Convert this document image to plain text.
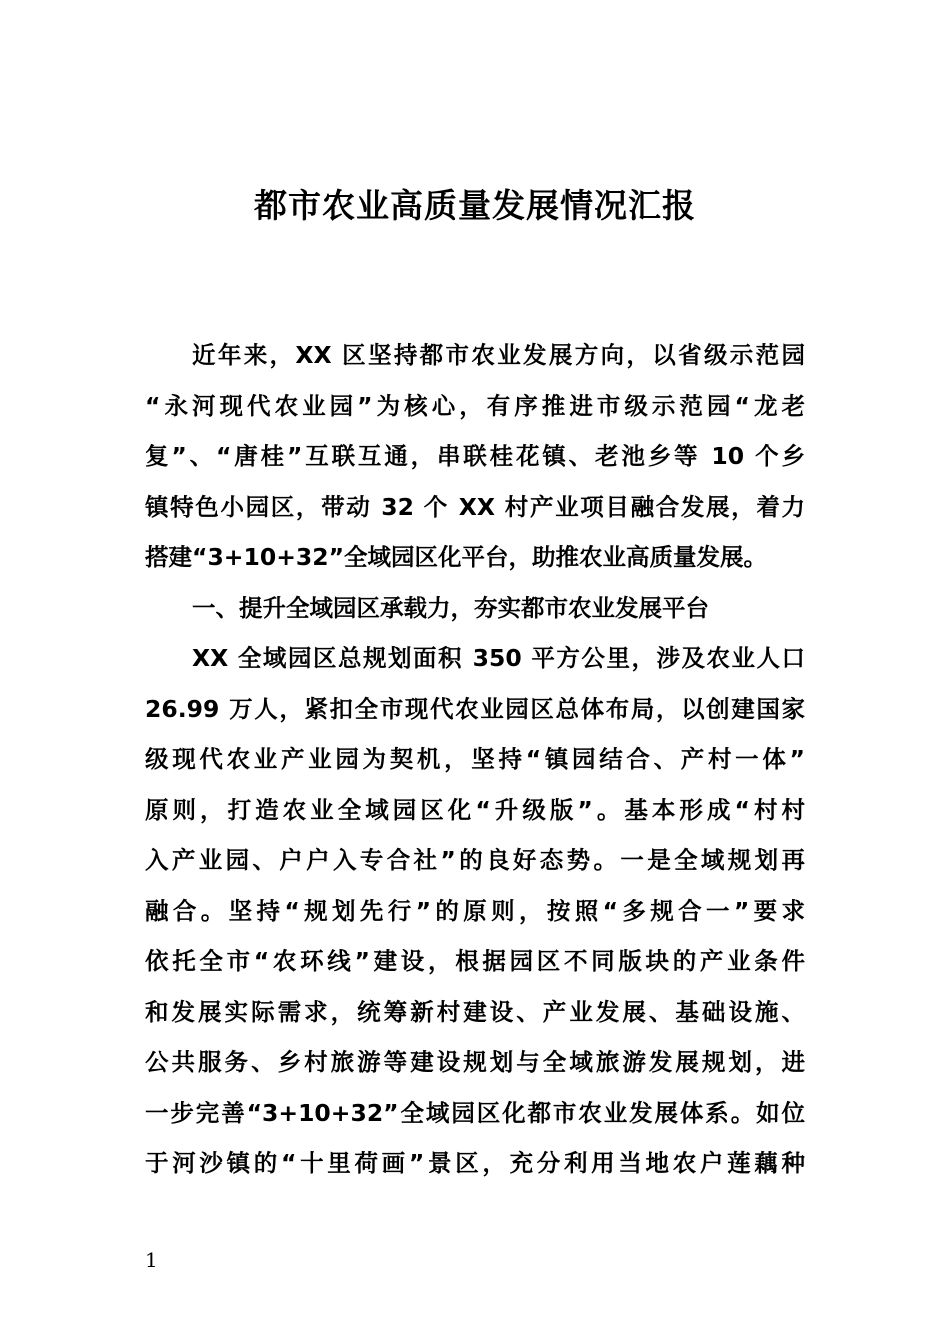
都市农业高质量发展情况汇报
近年来，XX 区坚持都市农业发展方向，以省级示范园
“永河现代农业园”为核心，有序推进市级示范园“龙老
复”、“唐桂”互联互通，串联桂花镇、老池乡等 10 个乡
镇特色小园区，带动 32 个 XX 村产业项目融合发展，着力
搭建“3+10+32”全域园区化平台，助推农业高质量发展。
一、提升全域园区承载力，夯实都市农业发展平台
XX 全域园区总规划面积 350 平方公里，涉及农业人口
26.99 万人，紧扣全市现代农业园区总体布局，以创建国家
级现代农业产业园为契机，坚持“镇园结合、产村一体”
原则，打造农业全域园区化“升级版”。基本形成“村村
入产业园、户户入专合社”的良好态势。一是全域规划再
融合。坚持“规划先行”的原则，按照“多规合一”要求
依托全市“农环线”建设，根据园区不同版块的产业条件
和发展实际需求，统筹新村建设、产业发展、基础设施、
公共服务、乡村旅游等建设规划与全域旅游发展规划，进
一步完善“3+10+32”全域园区化都市农业发展体系。如位
于河沙镇的“十里荷画”景区，充分利用当地农户莲藕种
1
